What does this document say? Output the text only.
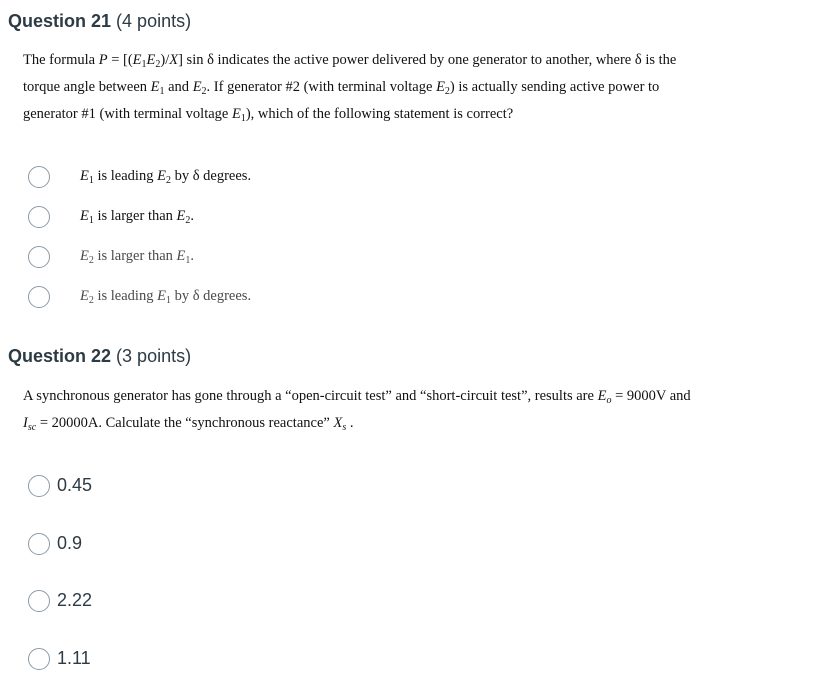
Question 21 (4 points)
The formula $P = [(E_1E_2)/X]$ sin δ indicates the active power delivered by one generator to another, where δ is the
torque angle between $E_1$ and $E_2$. If generator #2 (with terminal voltage $E_2$) is actually sending active power to
generator #1 (with terminal voltage $E_1$), which of the following statement is correct?
$E_1$ is leading $E_2$ by δ degrees.
$E_1$ is larger than $E_2$.
$E_2$ is larger than $E_1$.
$E_2$ is leading $E_1$ by δ degrees.
Question 22 (3 points)
A synchronous generator has gone through a “open-circuit test” and “short-circuit test”, results are $E_o = 9000V$ and
$I_{sc} = 20000A$. Calculate the “synchronous reactance” $X_s$ .
0.45
0.9
2.22
1.11
